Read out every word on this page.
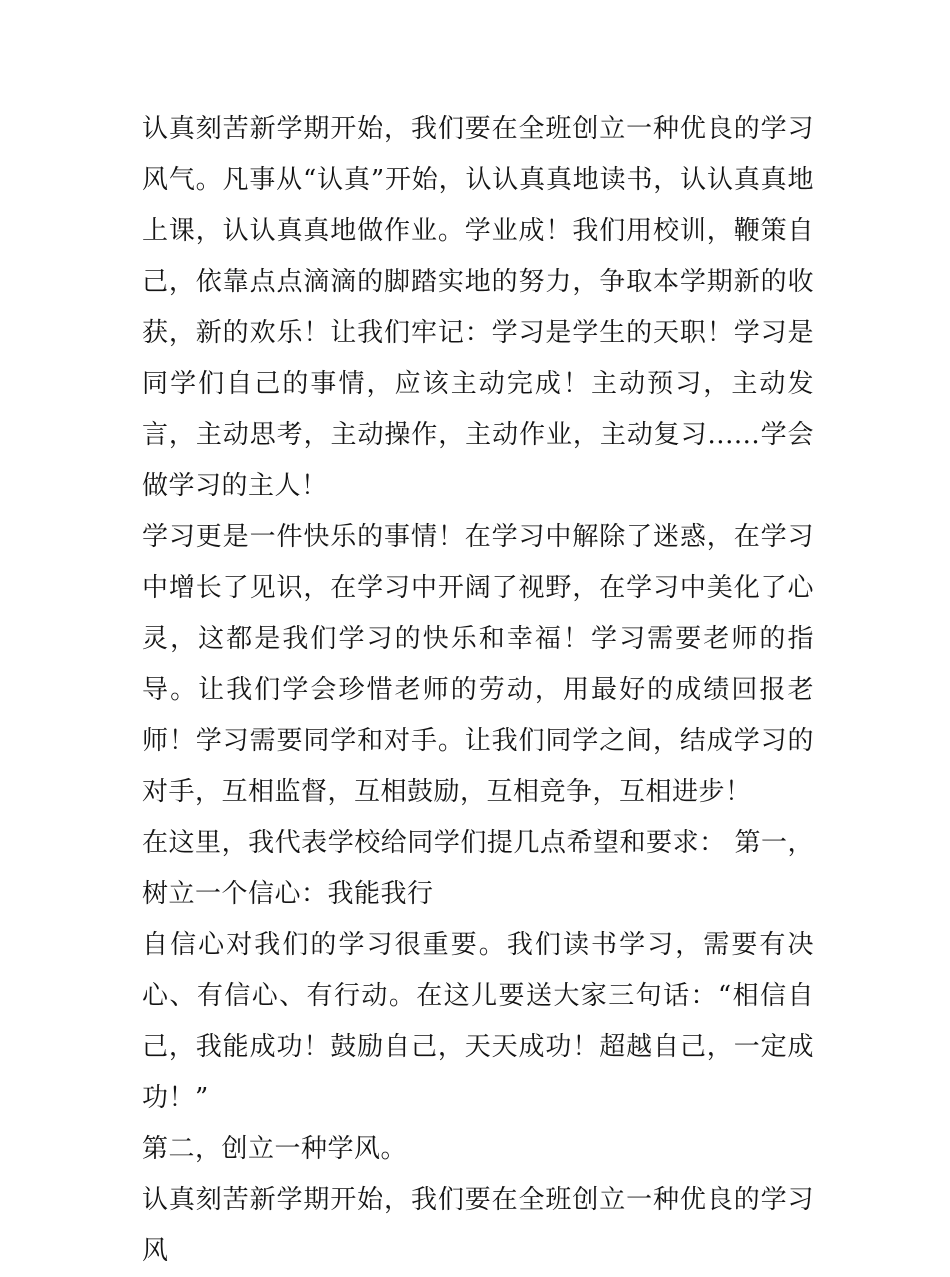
认真刻苦新学期开始，我们要在全班创立一种优良的学习风气。凡事从“认真”开始，认认真真地读书，认认真真地上课，认认真真地做作业。学业成！我们用校训，鞭策自己，依靠点点滴滴的脚踏实地的努力，争取本学期新的收获，新的欢乐！让我们牢记：学习是学生的天职！学习是同学们自己的事情，应该主动完成！主动预习，主动发言，主动思考，主动操作，主动作业，主动复习......学会做学习的主人！

学习更是一件快乐的事情！在学习中解除了迷惑，在学习中增长了见识，在学习中开阔了视野，在学习中美化了心灵，这都是我们学习的快乐和幸福！学习需要老师的指导。让我们学会珍惜老师的劳动，用最好的成绩回报老师！学习需要同学和对手。让我们同学之间，结成学习的对手，互相监督，互相鼓励，互相竞争，互相进步！

在这里，我代表学校给同学们提几点希望和要求： 第一，树立一个信心：我能我行

自信心对我们的学习很重要。我们读书学习，需要有决心、有信心、有行动。在这儿要送大家三句话：“相信自己，我能成功！鼓励自己，天天成功！超越自己，一定成功！”

第二，创立一种学风。

认真刻苦新学期开始，我们要在全班创立一种优良的学习风
